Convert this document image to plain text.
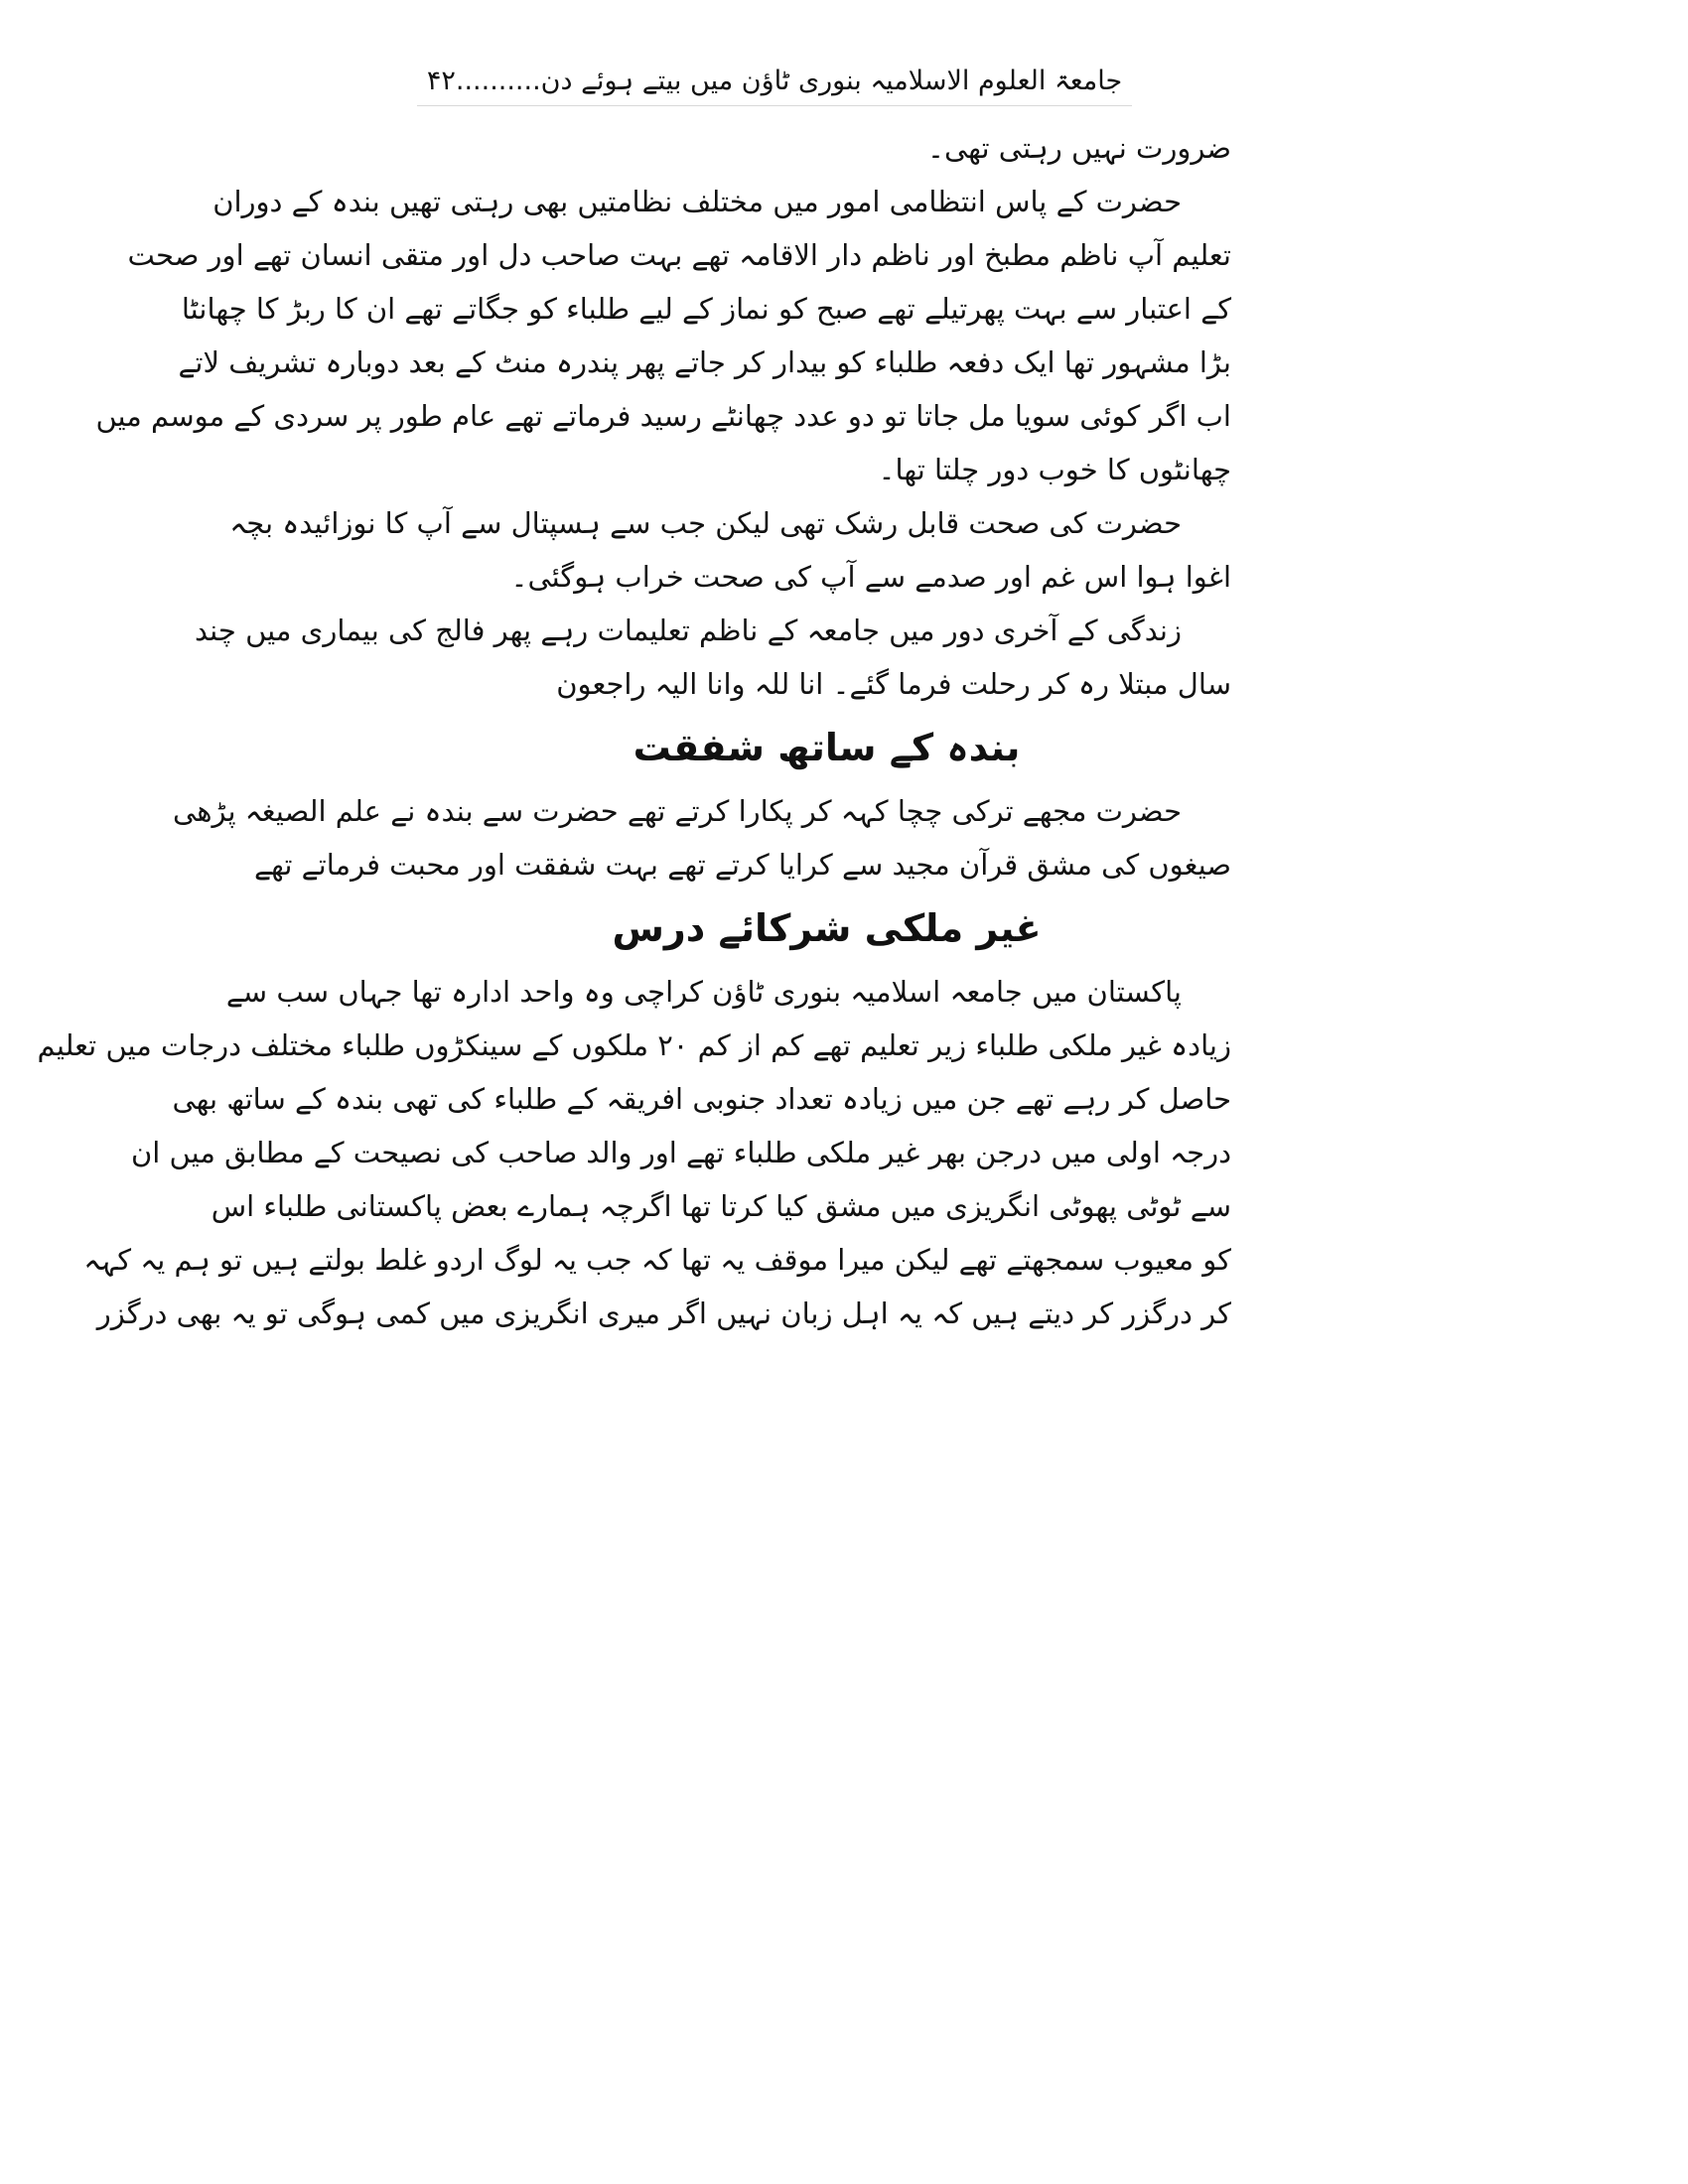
جامعۃ العلوم الاسلامیہ بنوری ٹاؤن میں بیتے ہوئے دن..........۴۲
ضرورت نہیں رہتی تھی۔
حضرت کے پاس انتظامی امور میں مختلف نظامتیں بھی رہتی تھیں بندہ کے دوران
تعلیم آپ ناظم مطبخ اور ناظم دار الاقامہ تھے بہت صاحب دل اور متقی انسان تھے اور صحت
کے اعتبار سے بہت پھرتیلے تھے صبح کو نماز کے لیے طلباء کو جگاتے تھے ان کا ربڑ کا چھانٹا
بڑا مشہور تھا ایک دفعہ طلباء کو بیدار کر جاتے پھر پندرہ منٹ کے بعد دوبارہ تشریف لاتے
اب اگر کوئی سویا مل جاتا تو دو عدد چھانٹے رسید فرماتے تھے عام طور پر سردی کے موسم میں
چھانٹوں کا خوب دور چلتا تھا۔
حضرت کی صحت قابل رشک تھی لیکن جب سے ہسپتال سے آپ کا نوزائیدہ بچہ
اغوا ہوا اس غم اور صدمے سے آپ کی صحت خراب ہوگئی۔
زندگی کے آخری دور میں جامعہ کے ناظم تعلیمات رہے پھر فالج کی بیماری میں چند
سال مبتلا رہ کر رحلت فرما گئے۔ انا للہ وانا الیہ راجعون
بندہ کے ساتھ شفقت
حضرت مجھے ترکی چچا کہہ کر پکارا کرتے تھے حضرت سے بندہ نے علم الصیغہ پڑھی
صیغوں کی مشق قرآن مجید سے کرایا کرتے تھے بہت شفقت اور محبت فرماتے تھے
غیر ملکی شرکائے درس
پاکستان میں جامعہ اسلامیہ بنوری ٹاؤن کراچی وہ واحد ادارہ تھا جہاں سب سے
زیادہ غیر ملکی طلباء زیر تعلیم تھے کم از کم ۲۰ ملکوں کے سینکڑوں طلباء مختلف درجات میں تعلیم
حاصل کر رہے تھے جن میں زیادہ تعداد جنوبی افریقہ کے طلباء کی تھی بندہ کے ساتھ بھی
درجہ اولی میں درجن بھر غیر ملکی طلباء تھے اور والد صاحب کی نصیحت کے مطابق میں ان
سے ٹوٹی پھوٹی انگریزی میں مشق کیا کرتا تھا اگرچہ ہمارے بعض پاکستانی طلباء اس
کو معیوب سمجھتے تھے لیکن میرا موقف یہ تھا کہ جب یہ لوگ اردو غلط بولتے ہیں تو ہم یہ کہہ
کر درگزر کر دیتے ہیں کہ یہ اہل زبان نہیں اگر میری انگریزی میں کمی ہوگی تو یہ بھی درگزر
